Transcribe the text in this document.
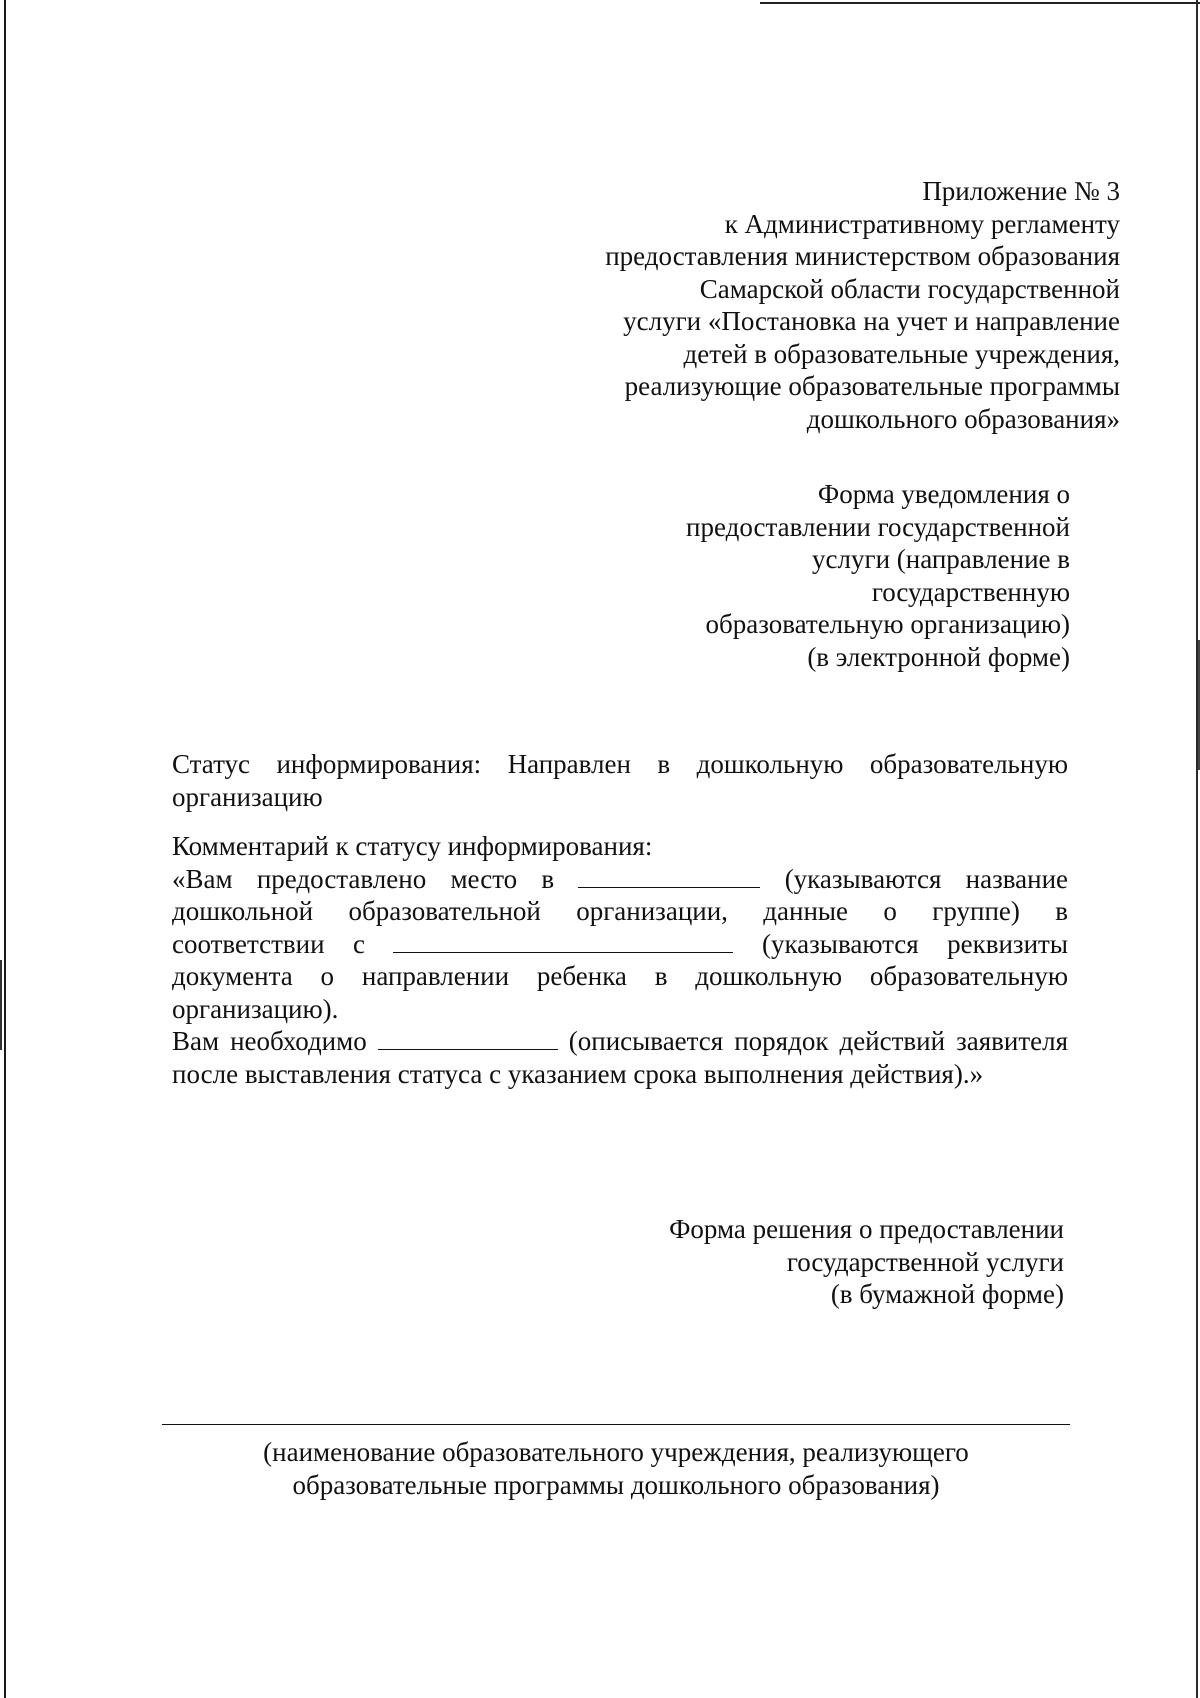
Приложение № 3
к Административному регламенту
предоставления министерством образования
Самарской области государственной
услуги «Постановка на учет и направление
детей в образовательные учреждения,
реализующие образовательные программы
дошкольного образования»
Форма уведомления о
предоставлении государственной
услуги (направление в
государственную
образовательную организацию)
(в электронной форме)
Статус информирования: Направлен в дошкольную образовательную организацию
Комментарий к статусу информирования:
«Вам предоставлено место в	(указываются название
дошкольной образовательной организации, данные о группе) в
соответствии с	(указываются реквизиты
документа о направлении ребенка в дошкольную образовательную
организацию).
Вам необходимо	(описывается порядок действий заявителя
после выставления статуса с указанием срока выполнения действия).»
Форма решения о предоставлении
государственной услуги
(в бумажной форме)
(наименование образовательного учреждения, реализующего
образовательные программы дошкольного образования)
